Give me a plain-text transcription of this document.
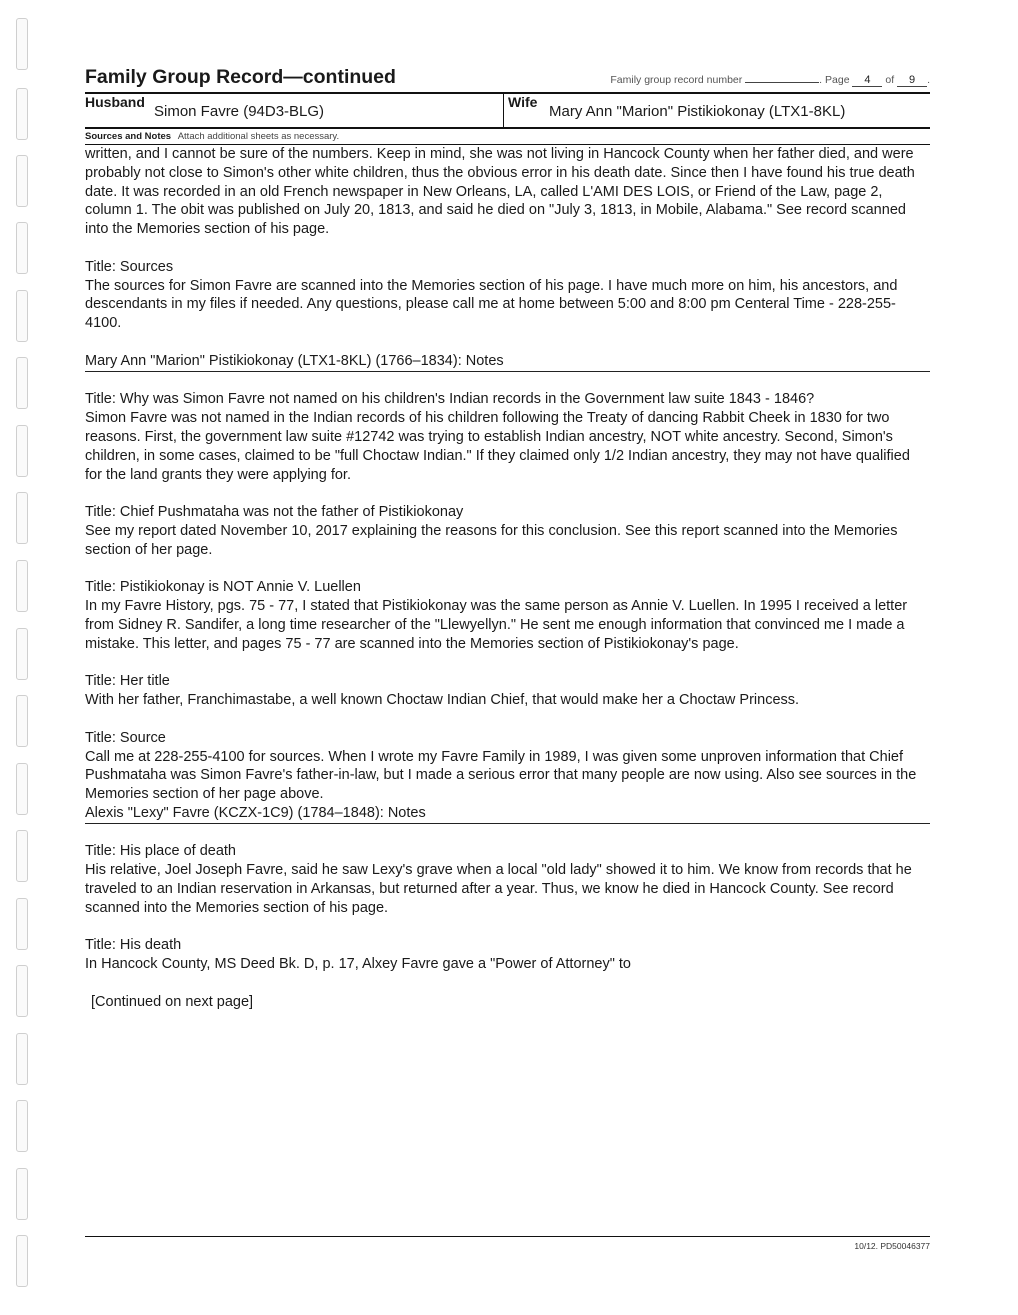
Family Group Record—continued	Family group record number	. Page 4 of 9 .
Husband
Simon Favre (94D3-BLG)
Wife
Mary Ann "Marion" Pistikiokonay (LTX1-8KL)
Sources and Notes Attach additional sheets as necessary.

written, and I cannot be sure of the numbers. Keep in mind, she was not living in Hancock County when her father died, and were probably not close to Simon's other white children, thus the obvious error in his death date. Since then I have found his true death date. It was recorded in an old French newspaper in New Orleans, LA, called L'AMI DES LOIS, or Friend of the Law, page 2, column 1. The obit was published on July 20, 1813, and said he died on "July 3, 1813, in Mobile, Alabama." See record scanned into the Memories section of his page.

Title: Sources

The sources for Simon Favre are scanned into the Memories section of his page. I have much more on him, his ancestors, and descendants in my files if needed. Any questions, please call me at home between 5:00 and 8:00 pm Centeral Time - 228-255-4100.

Mary Ann "Marion" Pistikiokonay (LTX1-8KL) (1766–1834): Notes

Title: Why was Simon Favre not named on his children's Indian records in the Government law suite 1843 - 1846?

Simon Favre was not named in the Indian records of his children following the Treaty of dancing Rabbit Cheek in 1830 for two reasons. First, the government law suite #12742 was trying to establish Indian ancestry, NOT white ancestry. Second, Simon's children, in some cases, claimed to be "full Choctaw Indian." If they claimed only 1/2 Indian ancestry, they may not have qualified for the land grants they were applying for.

Title: Chief Pushmataha was not the father of Pistikiokonay

See my report dated November 10, 2017 explaining the reasons for this conclusion. See this report scanned into the Memories section of her page.

Title: Pistikiokonay is NOT Annie V. Luellen

In my Favre History, pgs. 75 - 77, I stated that Pistikiokonay was the same person as Annie V. Luellen. In 1995 I received a letter from Sidney R. Sandifer, a long time researcher of the "Llewyellyn." He sent me enough information that convinced me I made a mistake. This letter, and pages 75 - 77 are scanned into the Memories section of Pistikiokonay's page.

Title: Her title

With her father, Franchimastabe, a well known Choctaw Indian Chief, that would make her a Choctaw Princess.

Title: Source

Call me at 228-255-4100 for sources. When I wrote my Favre Family in 1989, I was given some unproven information that Chief Pushmataha was Simon Favre's father-in-law, but I made a serious error that many people are now using. Also see sources in the Memories section of her page above.

Alexis "Lexy" Favre (KCZX-1C9) (1784–1848): Notes

Title: His place of death

His relative, Joel Joseph Favre, said he saw Lexy's grave when a local "old lady" showed it to him. We know from records that he traveled to an Indian reservation in Arkansas, but returned after a year. Thus, we know he died in Hancock County. See record scanned into the Memories section of his page.

Title: His death

In Hancock County, MS Deed Bk. D, p. 17, Alxey Favre gave a "Power of Attorney" to

[Continued on next page]

10/12. PD50046377
